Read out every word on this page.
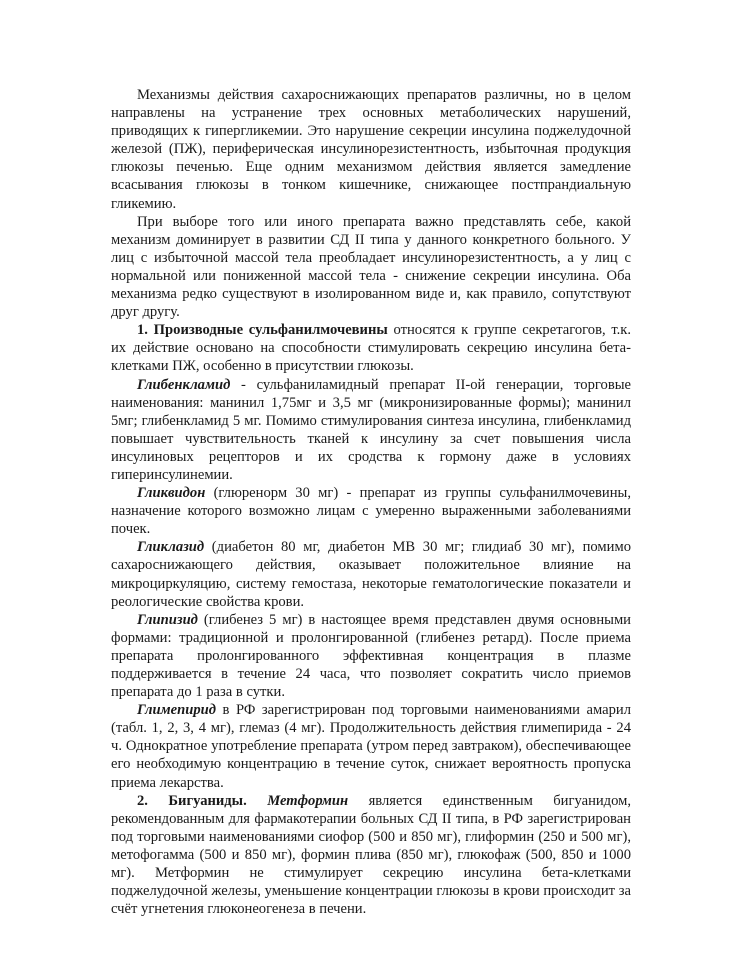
Механизмы действия сахароснижающих препаратов различны, но в целом направлены на устранение трех основных метаболических нарушений, приводящих к гипергликемии. Это нарушение секреции инсулина поджелудочной железой (ПЖ), периферическая инсулинорезистентность, избыточная продукция глюкозы печенью. Еще одним механизмом действия является замедление всасывания глюкозы в тонком кишечнике, снижающее постпрандиальную гликемию.

При выборе того или иного препарата важно представлять себе, какой механизм доминирует в развитии СД II типа у данного конкретного больного. У лиц с избыточной массой тела преобладает инсулинорезистентность, а у лиц с нормальной или пониженной массой тела - снижение секреции инсулина. Оба механизма редко существуют в изолированном виде и, как правило, сопутствуют друг другу.

1. Производные сульфанилмочевины относятся к группе секретагогов, т.к. их действие основано на способности стимулировать секрецию инсулина бета-клетками ПЖ, особенно в присутствии глюкозы.

Глибенкламид - сульфаниламидный препарат II-ой генерации, торговые наименования: манинил 1,75мг и 3,5 мг (микронизированные формы); манинил 5мг; глибенкламид 5 мг. Помимо стимулирования синтеза инсулина, глибенкламид повышает чувствительность тканей к инсулину за счет повышения числа инсулиновых рецепторов и их сродства к гормону даже в условиях гиперинсулинемии.

Гликвидон (глюренорм 30 мг) - препарат из группы сульфанилмочевины, назначение которого возможно лицам с умеренно выраженными заболеваниями почек.

Гликлазид (диабетон 80 мг, диабетон МВ 30 мг; глидиаб 30 мг), помимо сахароснижающего действия, оказывает положительное влияние на микроциркуляцию, систему гемостаза, некоторые гематологические показатели и реологические свойства крови.

Глипизид (глибенез 5 мг) в настоящее время представлен двумя основными формами: традиционной и пролонгированной (глибенез ретард). После приема препарата пролонгированного эффективная концентрация в плазме поддерживается в течение 24 часа, что позволяет сократить число приемов препарата до 1 раза в сутки.

Глимепирид в РФ зарегистрирован под торговыми наименованиями амарил (табл. 1, 2, 3, 4 мг), глемаз (4 мг). Продолжительность действия глимепирида - 24 ч. Однократное употребление препарата (утром перед завтраком), обеспечивающее его необходимую концентрацию в течение суток, снижает вероятность пропуска приема лекарства.

2. Бигуаниды. Метформин является единственным бигуанидом, рекомендованным для фармакотерапии больных СД II типа, в РФ зарегистрирован под торговыми наименованиями сиофор (500 и 850 мг), глиформин (250 и 500 мг), метофогамма (500 и 850 мг), формин плива (850 мг), глюкофаж (500, 850 и 1000 мг). Метформин не стимулирует секрецию инсулина бета-клетками поджелудочной железы, уменьшение концентрации глюкозы в крови происходит за счёт угнетения глюконеогенеза в печени.
